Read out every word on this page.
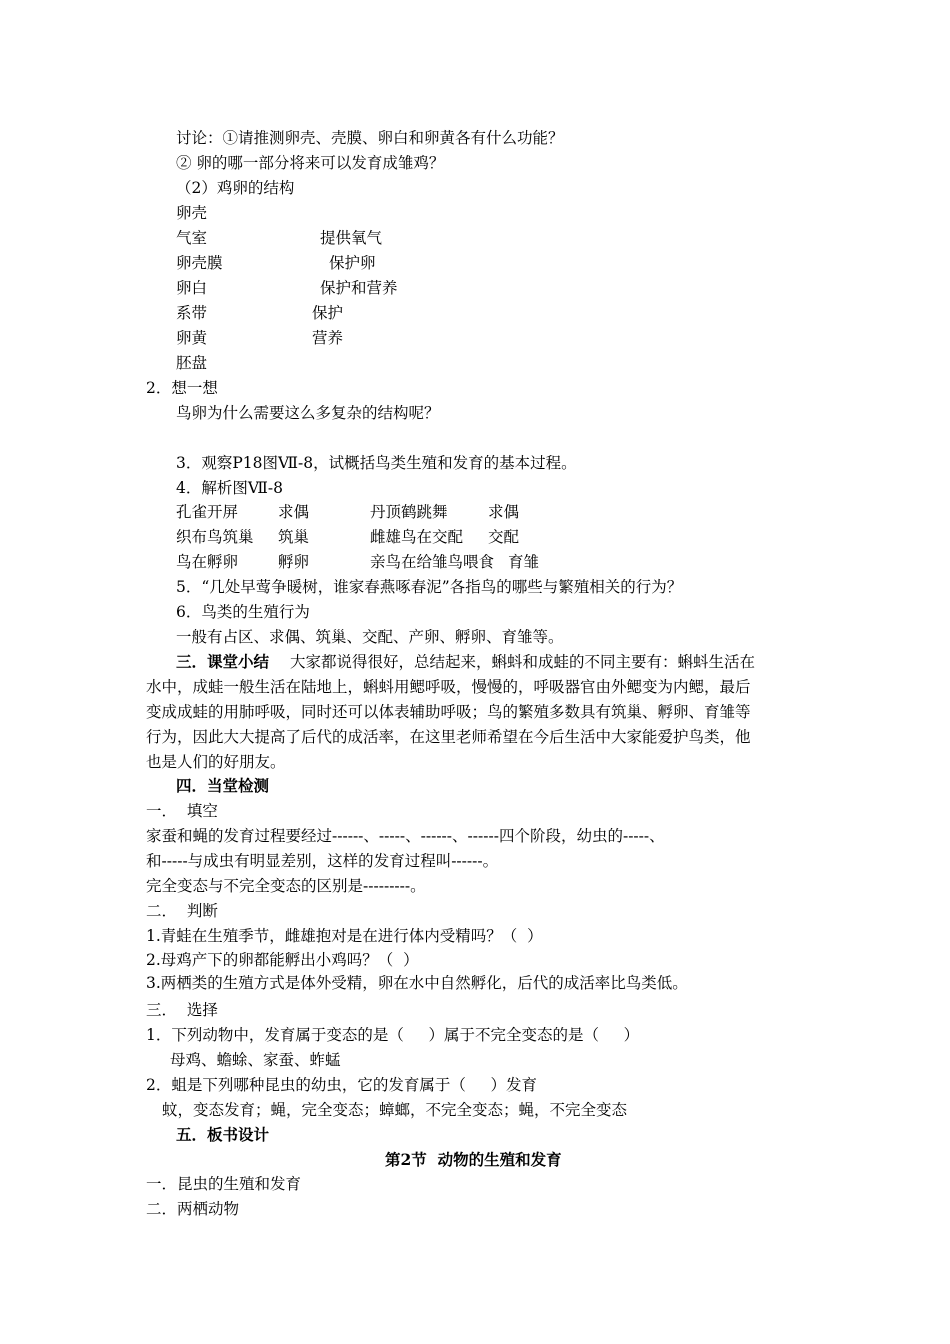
讨论：①请推测卵壳、壳膜、卵白和卵黄各有什么功能？
② 卵的哪一部分将来可以发育成雏鸡？
（2）鸡卵的结构
卵壳
气室	提供氧气
卵壳膜	保护卵
卵白	保护和营养
系带	保护
卵黄	营养
胚盘
2．想一想
鸟卵为什么需要这么多复杂的结构呢？
3．观察P18图Ⅶ-8，试概括鸟类生殖和发育的基本过程。
4．解析图Ⅶ-8
孔雀开屏	求偶	丹顶鹤跳舞	求偶
织布鸟筑巢 筑巢	雌雄鸟在交配 交配
鸟在孵卵	孵卵	亲鸟在给雏鸟喂食 育雏
5．“几处早莺争暖树，谁家春燕啄春泥”各指鸟的哪些与繁殖相关的行为？
6．鸟类的生殖行为
一般有占区、求偶、筑巢、交配、产卵、孵卵、育雏等。
三．课堂小结 大家都说得很好，总结起来，蝌蚪和成蛙的不同主要有：蝌蚪生活在
水中，成蛙一般生活在陆地上，蝌蚪用鳃呼吸，慢慢的，呼吸器官由外鳃变为内鳃，最后
变成成蛙的用肺呼吸，同时还可以体表辅助呼吸；鸟的繁殖多数具有筑巢、孵卵、育雏等
行为，因此大大提高了后代的成活率，在这里老师希望在今后生活中大家能爱护鸟类，他
也是人们的好朋友。
四．当堂检测
一．  填空
家蚕和蝇的发育过程要经过------、-----、------、------四个阶段，幼虫的-----、
和-----与成虫有明显差别，这样的发育过程叫------。
完全变态与不完全变态的区别是---------。
二．  判断
1.青蛙在生殖季节，雌雄抱对是在进行体内受精吗？（  ）
2.母鸡产下的卵都能孵出小鸡吗？（  ）
3.两栖类的生殖方式是体外受精，卵在水中自然孵化，后代的成活率比鸟类低。
三．  选择
1．下列动物中，发育属于变态的是（     ）属于不完全变态的是（     ）
母鸡、蟾蜍、家蚕、蚱蜢
2．蛆是下列哪种昆虫的幼虫，它的发育属于（     ）发育
蚊，变态发育；蝇，完全变态；蟑螂，不完全变态；蝇，不完全变态
五．板书设计
第2节  动物的生殖和发育
一．昆虫的生殖和发育
二．两栖动物
